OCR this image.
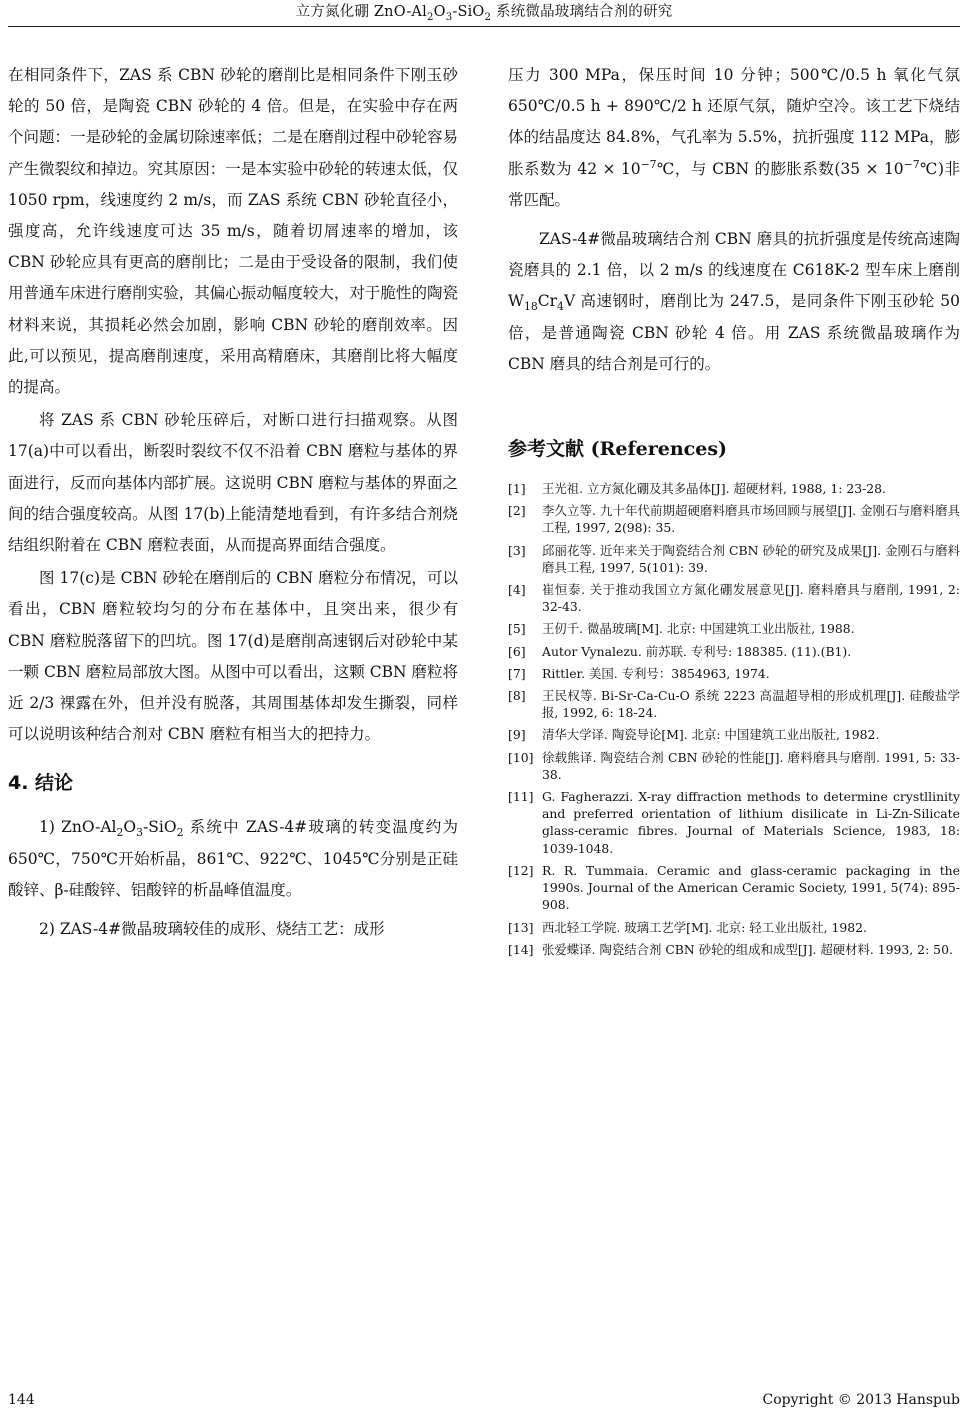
立方氮化硼 ZnO-$Al_2O_3-SiO_2$ 系统微晶玻璃结合剂的研究

在相同条件下，ZAS 系 CBN 砂轮的磨削比是相同条件下刚玉砂轮的 50 倍，是陶瓷 CBN 砂轮的 4 倍。但是，在实验中存在两个问题：一是砂轮的金属切除速率低；二是在磨削过程中砂轮容易产生微裂纹和掉边。究其原因：一是本实验中砂轮的转速太低，仅 1050 rpm，线速度约 2 m/s，而 ZAS 系统 CBN 砂轮直径小，强度高，允许线速度可达 35 m/s，随着切屑速率的增加，该 CBN 砂轮应具有更高的磨削比；二是由于受设备的限制，我们使用普通车床进行磨削实验，其偏心振动幅度较大，对于脆性的陶瓷材料来说，其损耗必然会加剧，影响 CBN 砂轮的磨削效率。因此,可以预见，提高磨削速度，采用高精磨床，其磨削比将大幅度的提高。

将 ZAS 系 CBN 砂轮压碎后，对断口进行扫描观察。从图 17(a)中可以看出，断裂时裂纹不仅不沿着 CBN 磨粒与基体的界面进行，反而向基体内部扩展。这说明 CBN 磨粒与基体的界面之间的结合强度较高。从图 17(b)上能清楚地看到，有许多结合剂烧结组织附着在 CBN 磨粒表面，从而提高界面结合强度。

图 17(c)是 CBN 砂轮在磨削后的 CBN 磨粒分布情况，可以看出，CBN 磨粒较均匀的分布在基体中，且突出来，很少有 CBN 磨粒脱落留下的凹坑。图 17(d)是磨削高速钢后对砂轮中某一颗 CBN 磨粒局部放大图。从图中可以看出，这颗 CBN 磨粒将近 2/3 裸露在外，但并没有脱落，其周围基体却发生撕裂，同样可以说明该种结合剂对 CBN 磨粒有相当大的把持力。

4. 结论

1) ZnO-$Al_2O_3-SiO_2$ 系统中 ZAS-4#玻璃的转变温度约为 650℃，750℃开始析晶，861℃、922℃、1045℃分别是正硅酸锌、β-硅酸锌、铝酸锌的析晶峰值温度。

2) ZAS-4#微晶玻璃较佳的成形、烧结工艺：成形

压力 300 MPa，保压时间 10 分钟；500℃/0.5 h 氧化气氛 650℃/0.5 h + 890℃/2 h 还原气氛，随炉空冷。该工艺下烧结体的结晶度达 84.8%，气孔率为 5.5%，抗折强度 112 MPa，膨胀系数为 $42 \times 10^{-7}℃$，与 CBN 的膨胀系数$(35 \times 10^{-7}℃)$非常匹配。

ZAS-4#微晶玻璃结合剂 CBN 磨具的抗折强度是传统高速陶瓷磨具的 2.1 倍，以 2 m/s 的线速度在 C618K-2 型车床上磨削 $W_{18}Cr_4V$ 高速钢时，磨削比为 247.5，是同条件下刚玉砂轮 50 倍，是普通陶瓷 CBN 砂轮 4 倍。用 ZAS 系统微晶玻璃作为 CBN 磨具的结合剂是可行的。

参考文献 (References)
[1] 王光祖. 立方氮化硼及其多晶体[J]. 超硬材料, 1988, 1: 23-28.
[2] 李久立等. 九十年代前期超硬磨料磨具市场回顾与展望[J]. 金刚石与磨料磨具工程, 1997, 2(98): 35.
[3] 邱丽花等. 近年来关于陶瓷结合剂 CBN 砂轮的研究及成果[J]. 金刚石与磨料磨具工程, 1997, 5(101): 39.
[4] 崔恒泰. 关于推动我国立方氮化硼发展意见[J]. 磨料磨具与磨削, 1991, 2: 32-43.
[5] 王仞千. 微晶玻璃[M]. 北京: 中国建筑工业出版社, 1988.
[6] Autor Vynalezu. 前苏联. 专利号: 188385. (11).(B1).
[7] Rittler. 美国. 专利号：3854963, 1974.
[8] 王民权等. Bi-Sr-Ca-Cu-O 系统 2223 高温超导相的形成机理[J]. 硅酸盐学报, 1992, 6: 18-24.
[9] 清华大学译. 陶瓷导论[M]. 北京: 中国建筑工业出版社, 1982.
[10] 徐载熊译. 陶瓷结合剂 CBN 砂轮的性能[J]. 磨料磨具与磨削. 1991, 5: 33-38.
[11] G. Fagherazzi. X-ray diffraction methods to determine crystllinity and preferred orientation of lithium disilicate in Li-Zn-Silicate glass-ceramic fibres. Journal of Materials Science, 1983, 18: 1039-1048.
[12] R. R. Tummaia. Ceramic and glass-ceramic packaging in the 1990s. Journal of the American Ceramic Society, 1991, 5(74): 895-908.
[13] 西北轻工学院. 玻璃工艺学[M]. 北京: 轻工业出版社, 1982.
[14] 张爱蝶译. 陶瓷结合剂 CBN 砂轮的组成和成型[J]. 超硬材料. 1993, 2: 50.
144	Copyright © 2013 Hanspub
